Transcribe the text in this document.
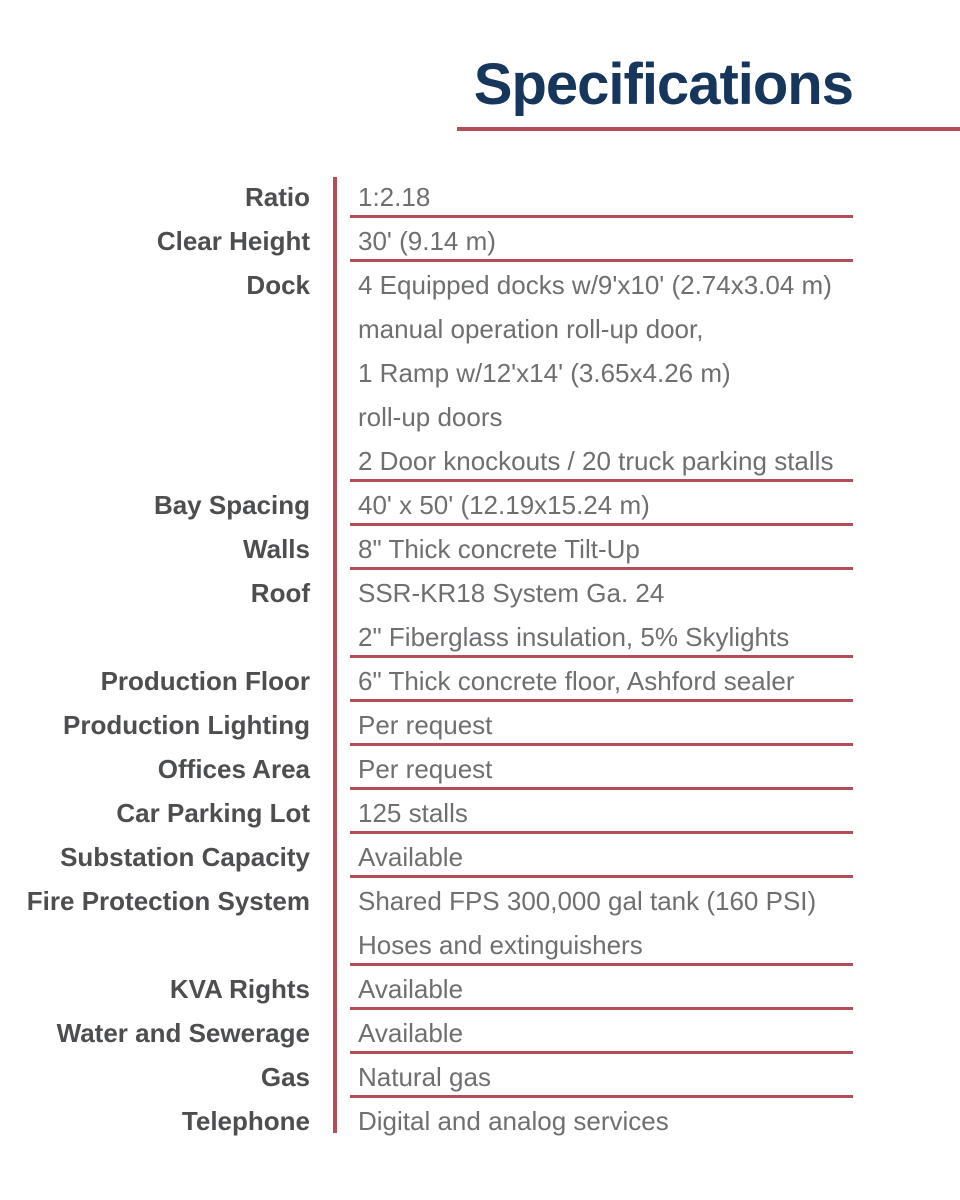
Specifications
Ratio	1:2.18
Clear Height	30' (9.14 m)
Dock	4 Equipped docks w/9'x10' (2.74x3.04 m)
manual operation roll-up door,
1 Ramp w/12'x14' (3.65x4.26 m)
roll-up doors
2 Door knockouts / 20 truck parking stalls
Bay Spacing	40' x 50' (12.19x15.24 m)
Walls	8" Thick concrete Tilt-Up
Roof	SSR-KR18 System Ga. 24
2" Fiberglass insulation, 5% Skylights
Production Floor	6" Thick concrete floor, Ashford sealer
Production Lighting	Per request
Offices Area	Per request
Car Parking Lot	125 stalls
Substation Capacity	Available
Fire Protection System	Shared FPS 300,000 gal tank (160 PSI)
Hoses and extinguishers
KVA Rights	Available
Water and Sewerage	Available
Gas	Natural gas
Telephone	Digital and analog services
